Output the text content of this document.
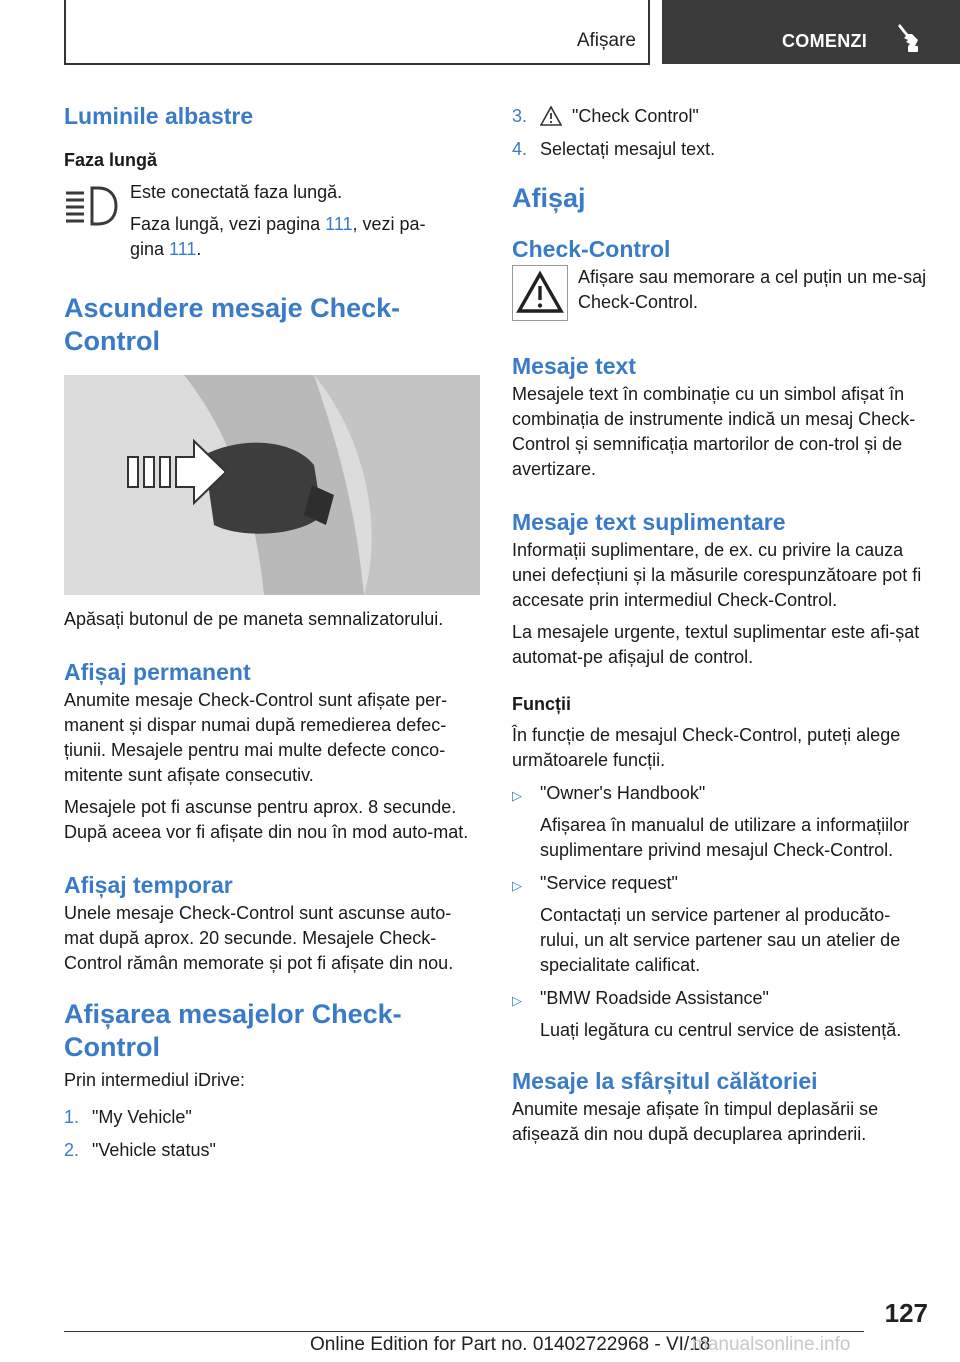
Afișare	COMENZI
Luminile albastre
Faza lungă

Este conectată faza lungă.

Faza lungă, vezi pagina 111, vezi pa-
gina 111.

Ascundere mesaje Check-Control

Apăsați butonul de pe maneta semnalizatorului.

Afișaj permanent

Anumite mesaje Check-Control sunt afișate per-manent și dispar numai după remedierea defec-țiunii. Mesajele pentru mai multe defecte conco-mitente sunt afișate consecutiv.

Mesajele pot fi ascunse pentru aprox. 8 secunde. După aceea vor fi afișate din nou în mod auto-mat.

Afișaj temporar

Unele mesaje Check-Control sunt ascunse auto-mat după aprox. 20 secunde. Mesajele Check-Control rămân memorate și pot fi afișate din nou.

Afișarea mesajelor Check-Control

Prin intermediul iDrive:

1. "My Vehicle"
2. "Vehicle status"
3.	"Check Control"
4. Selectați mesajul text.
Afișaj
Check-Control

Afișare sau memorare a cel puțin un me-saj Check-Control.

Mesaje text

Mesajele text în combinație cu un simbol afișat în combinația de instrumente indică un mesaj Check-Control și semnificația martorilor de con-trol și de avertizare.

Mesaje text suplimentare

Informații suplimentare, de ex. cu privire la cauza unei defecțiuni și la măsurile corespunzătoare pot fi accesate prin intermediul Check-Control.

La mesajele urgente, textul suplimentar este afi-șat automat-pe afișajul de control.

Funcții

În funcție de mesajul Check-Control, puteți alege următoarele funcții.

▷	"Owner's Handbook"
Afișarea în manualul de utilizare a informațiilor suplimentare privind mesajul Check-Control.
▷	"Service request"
Contactați un service partener al producăto-rului, un alt service partener sau un atelier de specialitate calificat.
▷	"BMW Roadside Assistance"
Luați legătura cu centrul service de asistență.
Mesaje la sfârșitul călătoriei

Anumite mesaje afișate în timpul deplasării se afișează din nou după decuplarea aprinderii.

127
Online Edition for Part no. 01402722968 - VI/18
manualsonline.info
